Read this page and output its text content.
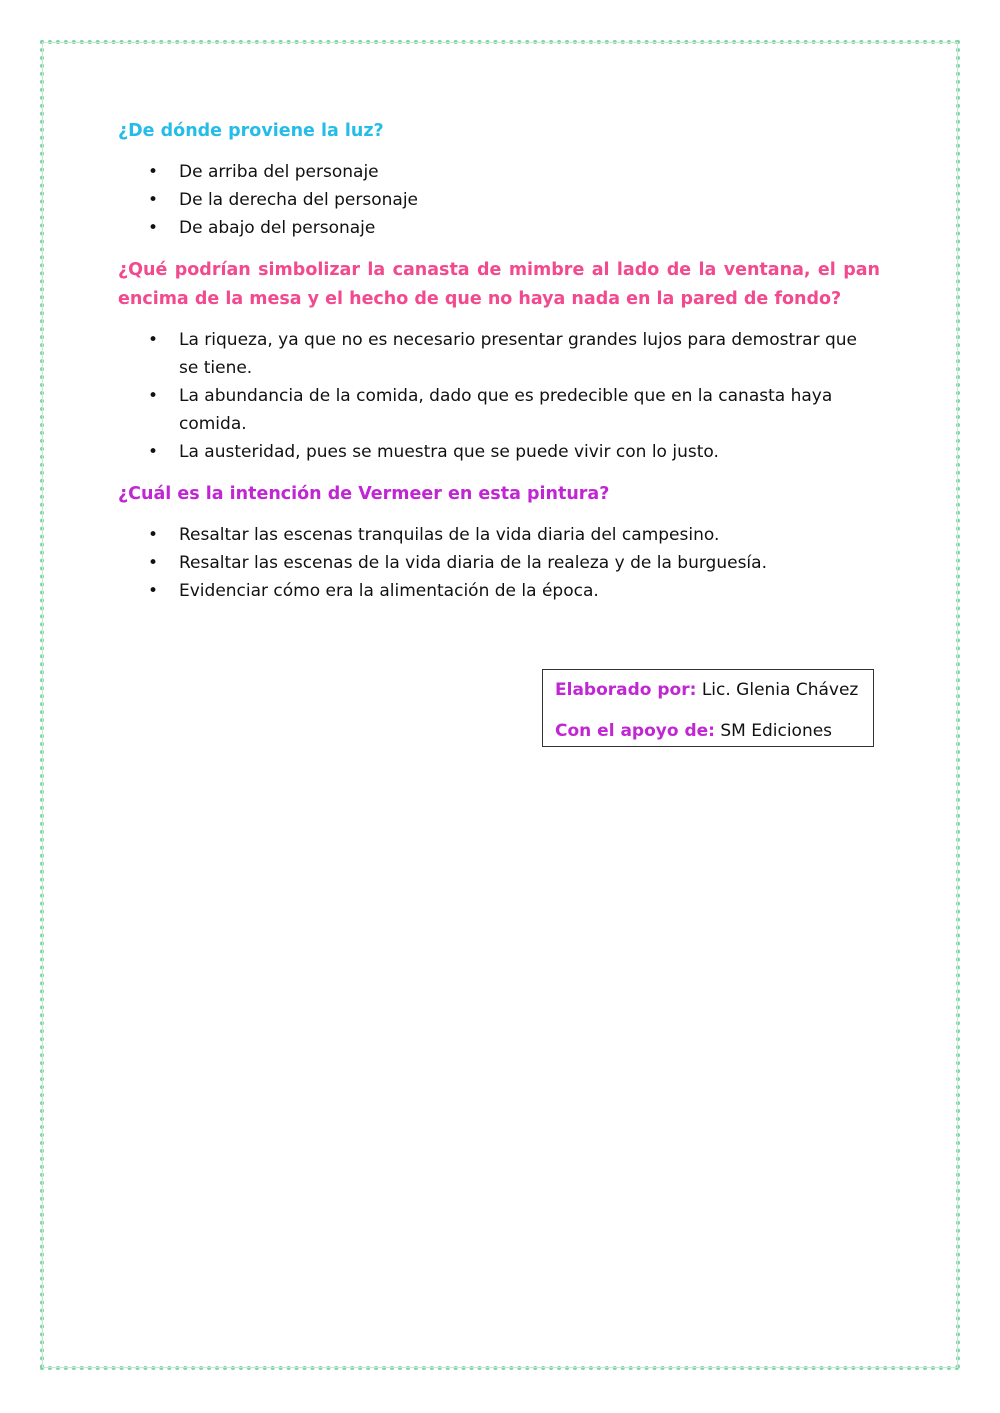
¿De dónde proviene la luz?

• De arriba del personaje
• De la derecha del personaje
• De abajo del personaje

¿Qué podrían simbolizar la canasta de mimbre al lado de la ventana, el pan encima de la mesa y el hecho de que no haya nada en la pared de fondo?

• La riqueza, ya que no es necesario presentar grandes lujos para demostrar que se tiene.
• La abundancia de la comida, dado que es predecible que en la canasta haya comida.
• La austeridad, pues se muestra que se puede vivir con lo justo.

¿Cuál es la intención de Vermeer en esta pintura?

• Resaltar las escenas tranquilas de la vida diaria del campesino.
• Resaltar las escenas de la vida diaria de la realeza y de la burguesía.
• Evidenciar cómo era la alimentación de la época.
Elaborado por: Lic. Glenia Chávez
Con el apoyo de: SM Ediciones
